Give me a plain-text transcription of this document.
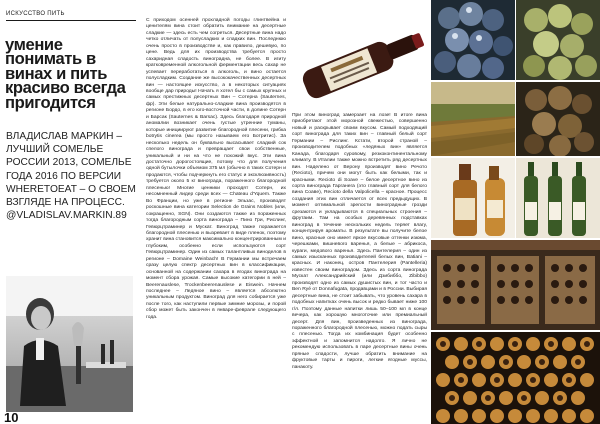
ИСКУССТВО ПИТЬ
умение понимать в винах и пить красиво всегда пригодится

ВЛАДИСЛАВ МАРКИН – ЛУЧШИЙ СОМЕЛЬЕ РОССИИ 2013, СОМЕЛЬЕ ГОДА 2016 ПО ВЕРСИИ WHERETOEAT – О СВОЕМ ВЗГЛЯДЕ НА ПРОЦЕСС. @VLADISLAV.MARKIN.89

10

С приходом осенней прохладной погоды глинтвейна и ценителям вина стоит обратить внимание на десертные сладкие — здесь есть чем согреться. Десертные вина надо четко отличать от полусладких и сладких вин. Последнюю очень просто в производстве и, как правило, дешевую, по цене. Ведь для их производства требуется просто сахаридная сладость виноградна, не более. В игиту кратковременной алкогольной ферментации весь сахар не успевает переработаться в алкоголь, и вино остается полусладким. Создание же высококачественных десертных вин — настоящее искусство, а в некоторых ситуациях вообще дар природы! Начать я хотел бы с самых крупных и самых престижных десертных Вин – Сотерна (Sauternes, фр). Эти белые натурально-сладкие вина производятся в регионе Бордо, в его юго-восточной части, в долине Сотерн и Барсак (Sauternes & Barsac). Здесь благодаря природной аномалии возникает очень густые утренние туманы, которые инициируют развитие благородной плесени, грибка botrytis cinerea (мы просто называем его Ботритис). За несколько недель он буквально высасывает сладкий сок спелого винограда и превращает свои собственные, уникальный и ни на что не похожий вкус. Эти вина достаточно дорогостоящие, потому что для получения одной бутылочки объемом 375 мл (обычно в таких Сотерн и продаются, чтобы подчеркнуть его статус и эксклюзивность) требуется около 5 кг винограда, пораженного благородной плесенью! Многие ценники проходят Сотерн, их несомненный лидер среди всех — Chateau d'Yquem. Также Во Франции, но уже в регионе Эльзас, производят роскошные вина категории Selection de Grains Nobles (или, сокращенно, SGN). Они создаются также из пораженных тогда благородным сорта винограда – Пино Гри, Рислинг, Гевюрцтраминер и Мускат. Виноград также поражается благородной плесенью и вызревает в виде пленок, поэтому хранит вина становится максимально концентрированным и глубоким, особенно если используются сорт Гевюрцтраминер. Один из самых талантливых виноделов в регионе – Domaine Weinbach! В Германии мы встречаем сразу целую спектр десертных вин в классификации, основанной на содержании сахара в ягодах винограда на момент сбора урожая. Самые высокие категории в ней – Beerenauslese, Trockenbeerenauslese и Eiswein. Начнем последнее – Ледяное вино – является абсолютно уникальным продуктом. Виноград для него собирается уже после того, как наступили первые зимние морозы, и порой сбор может быть закончен в январе-феврале следующего года.

При этом виноград замерзает на лозе! В итоге вина приобретают этой морозной свежестью, совершенно новый и раскрывает своим вкусом. Самый подходящий сорт винограда для таких вин – главный белый сорт Германии – Рислинг. Кстати, второй страной – производителем подобных «ледяных вин» является Канада, благодаря суровому, резкоконтинентальному климату. В Италии также можно встретить ряд десертных вин. Наделено от Верону производят вино Речото (Recioto), причем они могут быть как белыми, так и красными. Recioto di Soave – белое десертное вино из сорта винограда Гарганега (это главный сорт для белого вина Соаве), Recioto della Valpolicella – красное. Процесс создания этих вин отличается от всех предыдущих. В момент оптимальной зрелости виноградные грозди срезаются и укладываются в специальных строения – фрутаим. Там на особых деревянных подставках виноград в течение нескольких недель теряет влагу, концентрируя ароматы. В результате вы получите белое вино, красные оно имеет яркое вкусовые оттенки изюма, черешками, вишневого варенья, а белые – абрикоса, кураги, медового варенья. Здесь Пантелерия – один из самых изысканных производителей белых вин, Batiani – красных. И наконец, остров Пантелерия (Pantelleria) известен своим виноградом. Здесь из сорта винограда Мускат Александрийский (или Дзибиббо, Zibibbo) производят одно из самых душистых вин, и тот часто и Ben Ryé от Donnafugata, продавцами и в России. Выбирая десертные вина, не стоит забывать, что уровень сахара в подобных напитках очень высок и редко бывает ниже 100 г/л. Поэтому данные напитки лишь 50–100 мл в конце вечера, как хорошую многоточие или премиальный десерт. Для вин, произведенных из винограда, пораженного благородной плесенью, можно подать сыры с плесенью. Тогда их комбинация будет особенно эффектной и запомнится надолго. Я лично не рекомендую использовать в паре десертные вины очень пряные сладости, лучше обратить внимание на фруктовые тарты и пироги, легкие ягодные муссы, панакоту.
